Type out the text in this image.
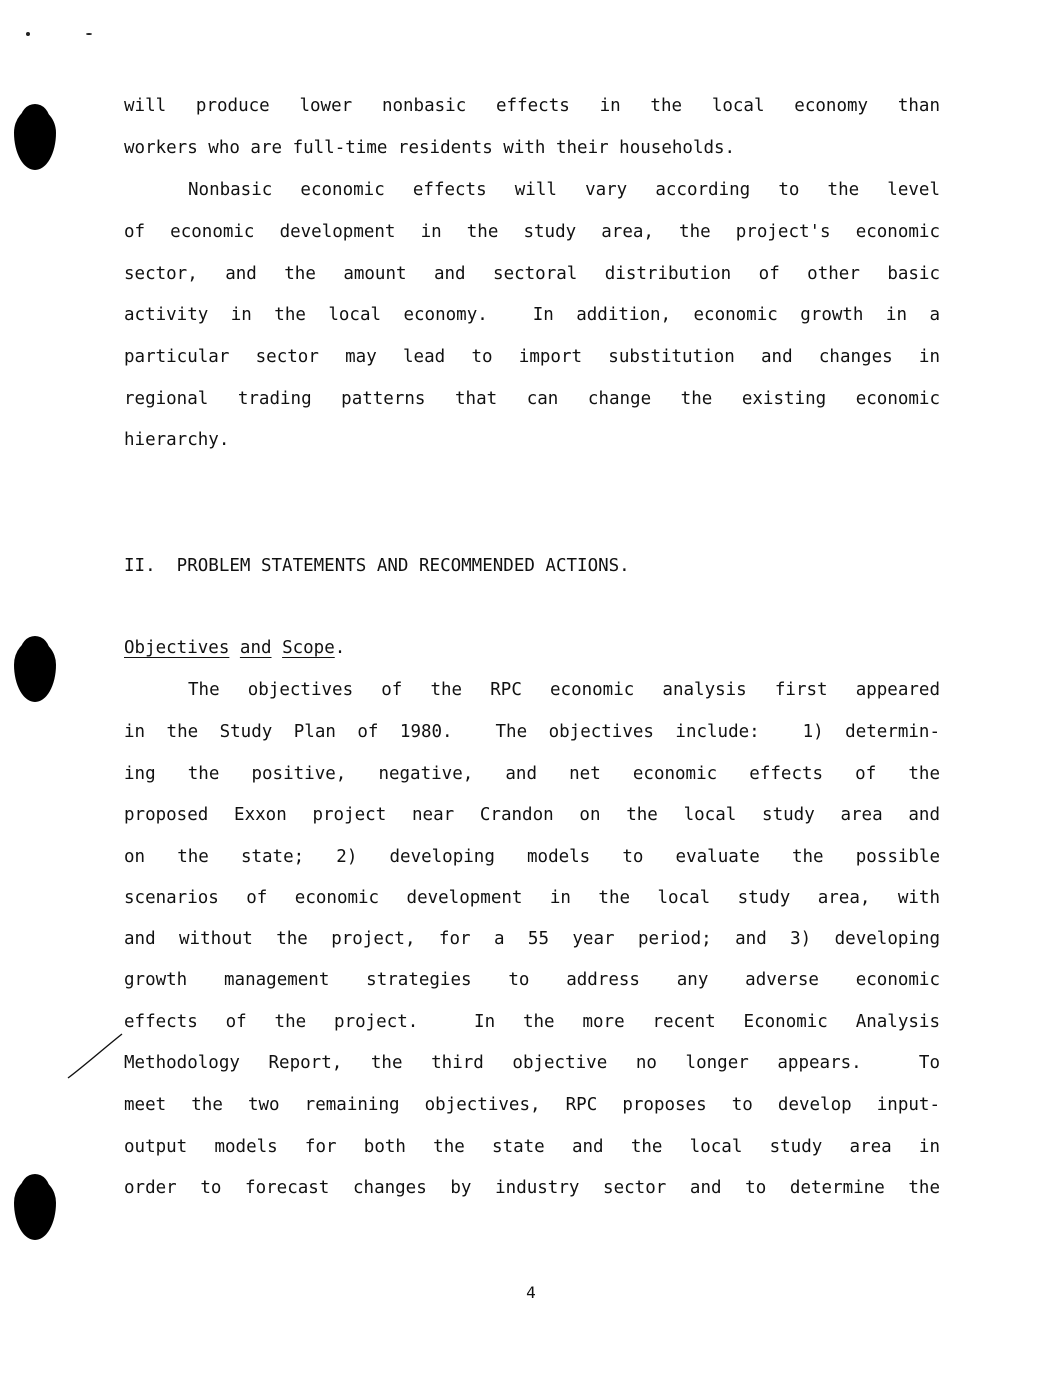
will produce lower nonbasic effects in the local economy than
workers who are full-time residents with their households.
Nonbasic economic effects will vary according to the level
of economic development in the study area, the project's economic
sector, and the amount and sectoral distribution of other basic
activity in the local economy.  In addition, economic growth in a
particular sector may lead to import substitution and changes in
regional trading patterns that can change the existing economic
hierarchy.
II.  PROBLEM STATEMENTS AND RECOMMENDED ACTIONS.
Objectives and Scope.
The objectives of the RPC economic analysis first appeared
in the Study Plan of 1980.  The objectives include:  1) determin-
ing the positive, negative, and net economic effects of the
proposed Exxon project near Crandon on the local study area and
on the state; 2) developing models to evaluate the possible
scenarios of economic development in the local study area, with
and without the project, for a 55 year period; and 3) developing
growth management strategies to address any adverse economic
effects of the project.  In the more recent Economic Analysis
Methodology Report, the third objective no longer appears.  To
meet the two remaining objectives, RPC proposes to develop input-
output models for both the state and the local study area in
order to forecast changes by industry sector and to determine the
4
